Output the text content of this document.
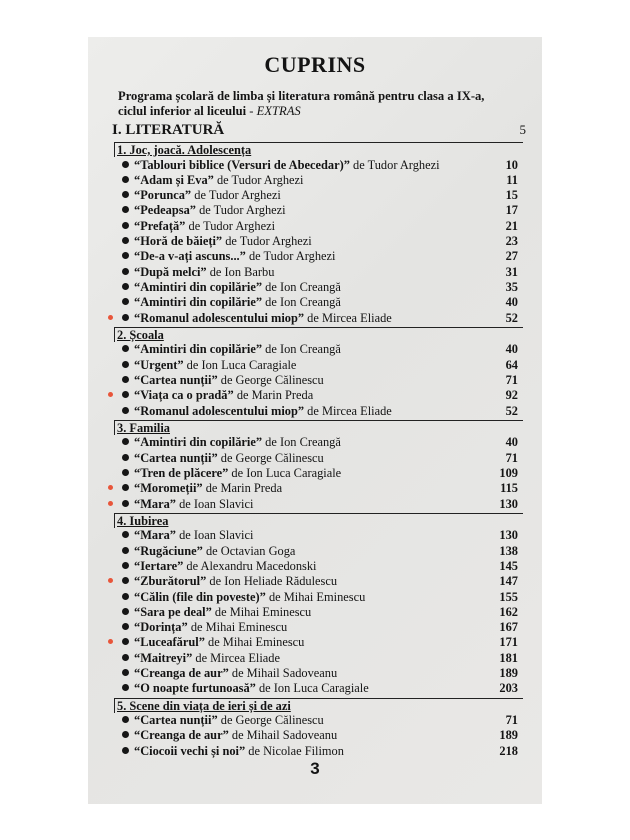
CUPRINS
Programa școlară de limba și literatura română pentru clasa a IX-a,
ciclul inferior al liceului - EXTRAS
I. LITERATURĂ	5
1. Joc, joacă. Adolescența
“Tablouri biblice (Versuri de Abecedar)” de Tudor Arghezi	10
“Adam și Eva” de Tudor Arghezi	11
“Porunca” de Tudor Arghezi	15
“Pedeapsa” de Tudor Arghezi	17
“Prefață” de Tudor Arghezi	21
“Horă de băieți” de Tudor Arghezi	23
“De-a v-ați ascuns...” de Tudor Arghezi	27
“După melci” de Ion Barbu	31
“Amintiri din copilărie” de Ion Creangă	35
“Amintiri din copilărie” de Ion Creangă	40
“Romanul adolescentului miop” de Mircea Eliade	52
2. Școala
“Amintiri din copilărie” de Ion Creangă	40
“Urgent” de Ion Luca Caragiale	64
“Cartea nunții” de George Călinescu	71
“Viața ca o pradă” de Marin Preda	92
“Romanul adolescentului miop” de Mircea Eliade	52
3. Familia
“Amintiri din copilărie” de Ion Creangă	40
“Cartea nunții” de George Călinescu	71
“Tren de plăcere” de Ion Luca Caragiale	109
“Moromeții” de Marin Preda	115
“Mara” de Ioan Slavici	130
4. Iubirea
“Mara” de Ioan Slavici	130
“Rugăciune” de Octavian Goga	138
“Iertare” de Alexandru Macedonski	145
“Zburătorul” de Ion Heliade Rădulescu	147
“Călin (file din poveste)” de Mihai Eminescu	155
“Sara pe deal” de Mihai Eminescu	162
“Dorința” de Mihai Eminescu	167
“Luceafărul” de Mihai Eminescu	171
“Maitreyi” de Mircea Eliade	181
“Creanga de aur” de Mihail Sadoveanu	189
“O noapte furtunoasă” de Ion Luca Caragiale	203
5. Scene din viața de ieri și de azi
“Cartea nunții” de George Călinescu	71
“Creanga de aur” de Mihail Sadoveanu	189
“Ciocoii vechi și noi” de Nicolae Filimon	218
3
